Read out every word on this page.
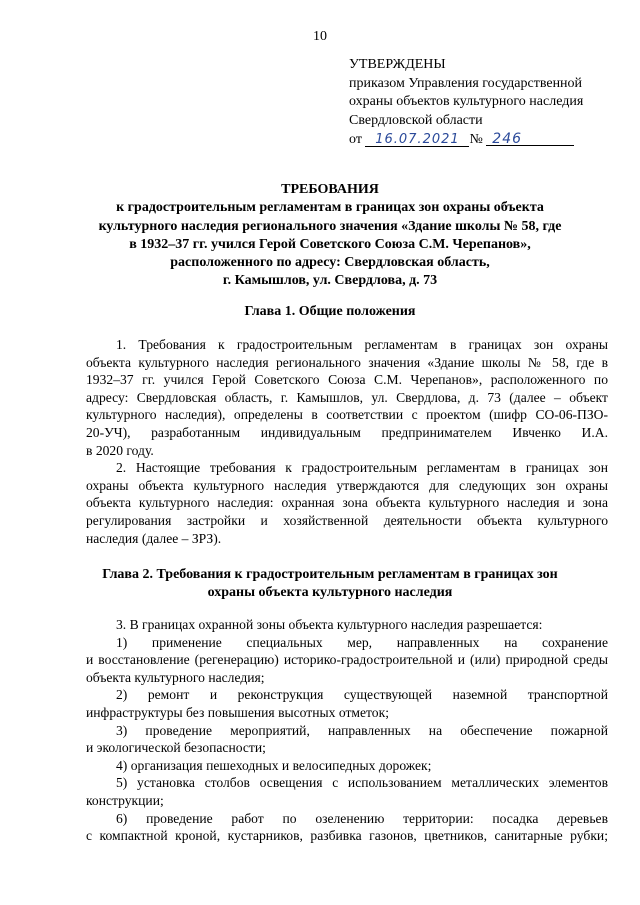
10
УТВЕРЖДЕНЫ
приказом Управления государственной
охраны объектов культурного наследия
Свердловской области
от 16.07.2021 № 246
ТРЕБОВАНИЯ
к градостроительным регламентам в границах зон охраны объекта
культурного наследия регионального значения «Здание школы № 58, где
в 1932–37 гг. учился Герой Советского Союза С.М. Черепанов»,
расположенного по адресу: Свердловская область,
г. Камышлов, ул. Свердлова, д. 73
Глава 1. Общие положения
1. Требования к градостроительным регламентам в границах зон охраны
объекта культурного наследия регионального значения «Здание школы № 58, где в
1932–37 гг. учился Герой Советского Союза С.М. Черепанов», расположенного по
адресу: Свердловская область, г. Камышлов, ул. Свердлова, д. 73 (далее – объект
культурного наследия), определены в соответствии с проектом (шифр СО-06-ПЗО-
20-УЧ), разработанным индивидуальным предпринимателем Ивченко И.А.
в 2020 году.
2. Настоящие требования к градостроительным регламентам в границах зон
охраны объекта культурного наследия утверждаются для следующих зон охраны
объекта культурного наследия: охранная зона объекта культурного наследия и зона
регулирования застройки и хозяйственной деятельности объекта культурного
наследия (далее – ЗРЗ).
Глава 2. Требования к градостроительным регламентам в границах зон
охраны объекта культурного наследия
3. В границах охранной зоны объекта культурного наследия разрешается:
1) применение специальных мер, направленных на сохранение
и восстановление (регенерацию) историко-градостроительной и (или) природной среды
объекта культурного наследия;
2) ремонт и реконструкция существующей наземной транспортной
инфраструктуры без повышения высотных отметок;
3) проведение мероприятий, направленных на обеспечение пожарной
и экологической безопасности;
4) организация пешеходных и велосипедных дорожек;
5) установка столбов освещения с использованием металлических элементов
конструкции;
6) проведение работ по озеленению территории: посадка деревьев
с компактной кроной, кустарников, разбивка газонов, цветников, санитарные рубки;
